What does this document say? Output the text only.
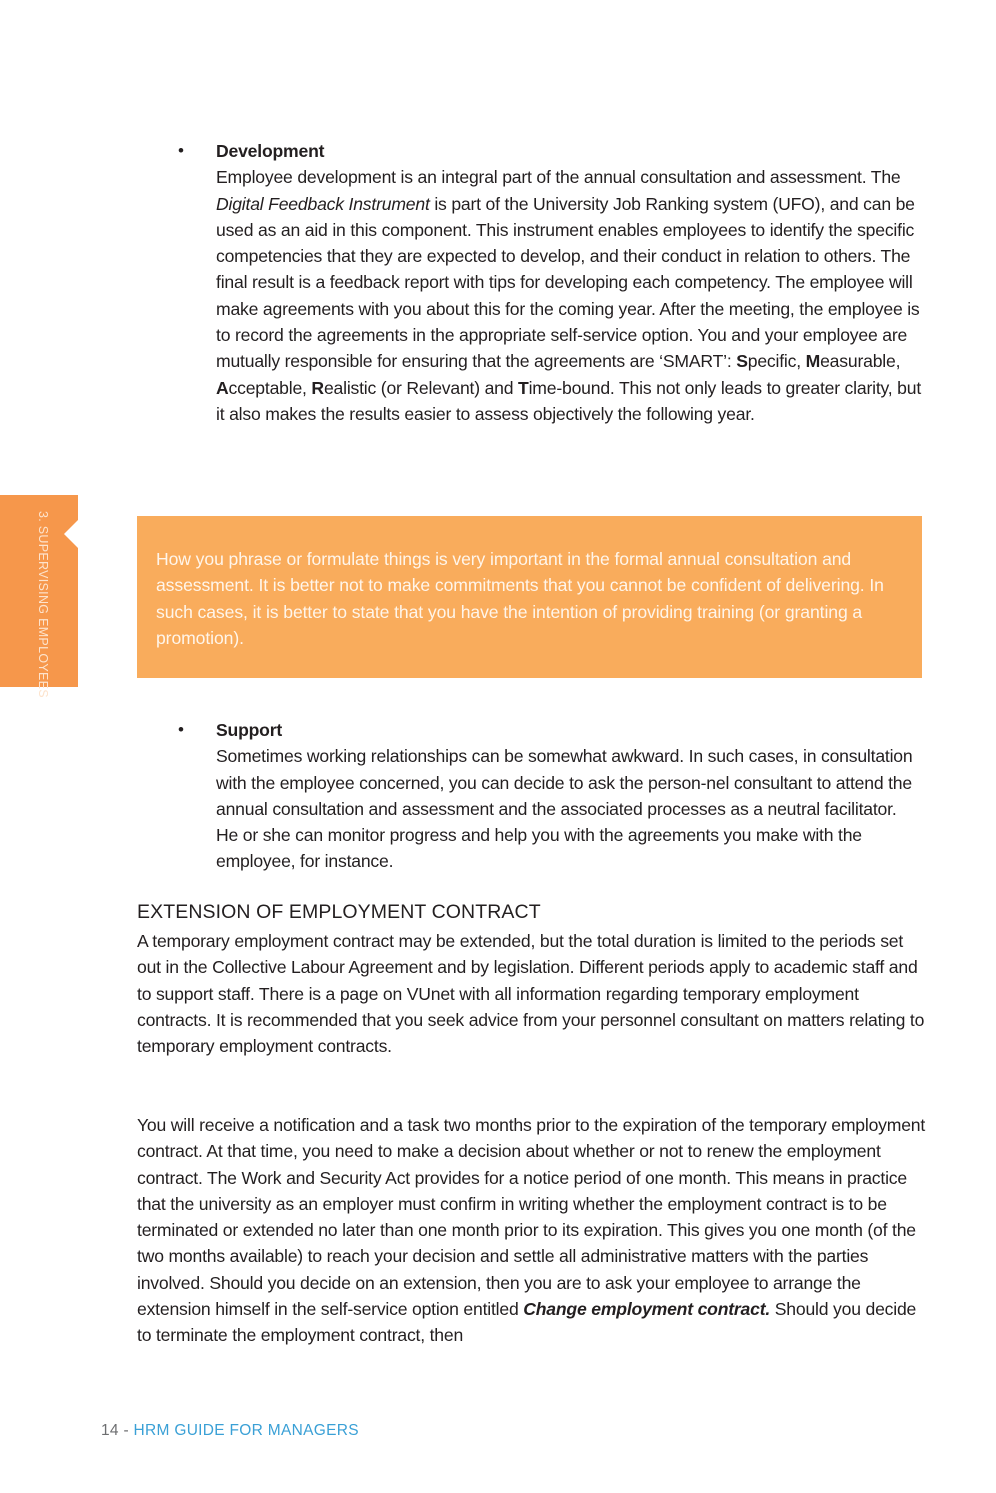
• Development
Employee development is an integral part of the annual consultation and assessment. The Digital Feedback Instrument is part of the University Job Ranking system (UFO), and can be used as an aid in this component. This instrument enables employees to identify the specific competencies that they are expected to develop, and their conduct in relation to others. The final result is a feedback report with tips for developing each competency. The employee will make agreements with you about this for the coming year. After the meeting, the employee is to record the agreements in the appropriate self-service option. You and your employee are mutually responsible for ensuring that the agreements are ‘SMART’: Specific, Measurable, Acceptable, Realistic (or Relevant) and Time-bound. This not only leads to greater clarity, but it also makes the results easier to assess objectively the following year.
3. SUPERVISING EMPLOYEES	How you phrase or formulate things is very important in the formal annual consultation and assessment. It is better not to make commitments that you cannot be confident of delivering. In such cases, it is better to state that you have the intention of providing training (or granting a promotion).
• Support
Sometimes working relationships can be somewhat awkward. In such cases, in consultation with the employee concerned, you can decide to ask the person-nel consultant to attend the annual consultation and assessment and the associated processes as a neutral facilitator. He or she can monitor progress and help you with the agreements you make with the employee, for instance.
EXTENSION OF EMPLOYMENT CONTRACT
A temporary employment contract may be extended, but the total duration is limited to the periods set out in the Collective Labour Agreement and by legislation. Different periods apply to academic staff and to support staff. There is a page on VUnet with all information regarding temporary employment contracts. It is recommended that you seek advice from your personnel consultant on matters relating to temporary employment contracts.
You will receive a notification and a task two months prior to the expiration of the temporary employment contract. At that time, you need to make a decision about whether or not to renew the employment contract. The Work and Security Act provides for a notice period of one month. This means in practice that the university as an employer must confirm in writing whether the employment contract is to be terminated or extended no later than one month prior to its expiration. This gives you one month (of the two months available) to reach your decision and settle all administrative matters with the parties involved. Should you decide on an extension, then you are to ask your employee to arrange the extension himself in the self-service option entitled Change employment contract. Should you decide to terminate the employment contract, then
14 - HRM GUIDE FOR MANAGERS
